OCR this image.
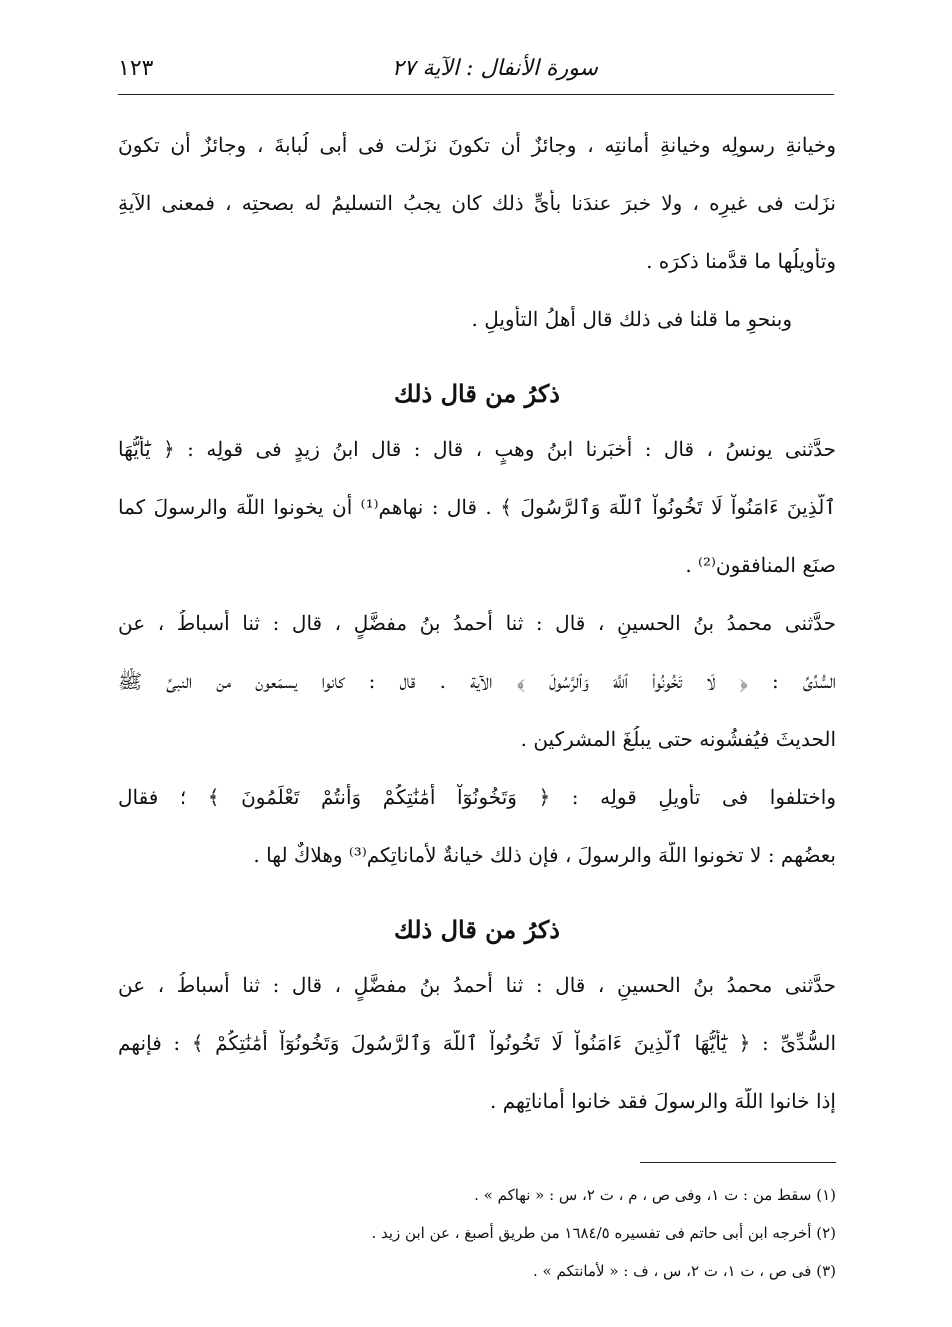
سورة الأنفال : الآية ٢٧
١٢٣
وخيانةِ رسولِه وخيانةِ أمانتِه ، وجائزٌ أن تكونَ نزَلت فى أبى لُبابةَ ، وجائزٌ أن تكونَ
نزَلت فى غيرِه ، ولا خبرَ عندَنا بأىٍّ ذلك كان يجبُ التسليمُ له بصحتِه ، فمعنى الآيةِ
وتأويلُها ما قدَّمنا ذكرَه .
وبنحوِ ما قلنا فى ذلك قال أهلُ التأويلِ .
ذكرُ من قال ذلك
حدَّثنى يونسُ ، قال : أخبَرنا ابنُ وهبٍ ، قال : قال ابنُ زيدٍ فى قولِه : ﴿ يَٰٓأَيُّهَا
ٱلَّذِينَ ءَامَنُواْ لَا تَخُونُواْ ٱللَّهَ وَٱلرَّسُولَ ﴾ . قال : نهاهم⁽¹⁾ أن يخونوا اللَّهَ والرسولَ كما
صنَع المنافقون⁽²⁾ .
حدَّثنى محمدُ بنُ الحسينِ ، قال : ثنا أحمدُ بنُ مفضَّلٍ ، قال : ثنا أسباطُ ، عن
السُّدِّىِّ : ﴿ لَا تَخُونُواْ ٱللَّهَ وَٱلرَّسُولَ ﴾ الآية . قال : كانوا يسمَعون من النبىِّ ﷺ
الحديثَ فيُفشُونه حتى يبلُغَ المشركين .
واختلفوا فى تأويلِ قولِه : ﴿ وَتَخُونُوٓاْ أَمَٰنَٰتِكُمْ وَأَنتُمْ تَعْلَمُونَ ﴾ ؛ فقال
بعضُهم : لا تخونوا اللَّهَ والرسولَ ، فإن ذلك خيانةٌ لأماناتِكم⁽³⁾ وهلاكٌ لها .
ذكرُ من قال ذلك
حدَّثنى محمدُ بنُ الحسينِ ، قال : ثنا أحمدُ بنُ مفضَّلٍ ، قال : ثنا أسباطُ ، عن
السُّدِّىِّ : ﴿ يَٰٓأَيُّهَا ٱلَّذِينَ ءَامَنُواْ لَا تَخُونُواْ ٱللَّهَ وَٱلرَّسُولَ وَتَخُونُوٓاْ أَمَٰنَٰتِكُمْ ﴾ : فإنهم
إذا خانوا اللَّهَ والرسولَ فقد خانوا أماناتِهم .
(١) سقط من : ت ١، وفى ص ، م ، ت ٢، س : « نهاكم » .
(٢) أخرجه ابن أبى حاتم فى تفسيره ١٦٨٤/٥ من طريق أصبغ ، عن ابن زيد .
(٣) فى ص ، ت ١، ت ٢، س ، ف : « لأمانتكم » .
